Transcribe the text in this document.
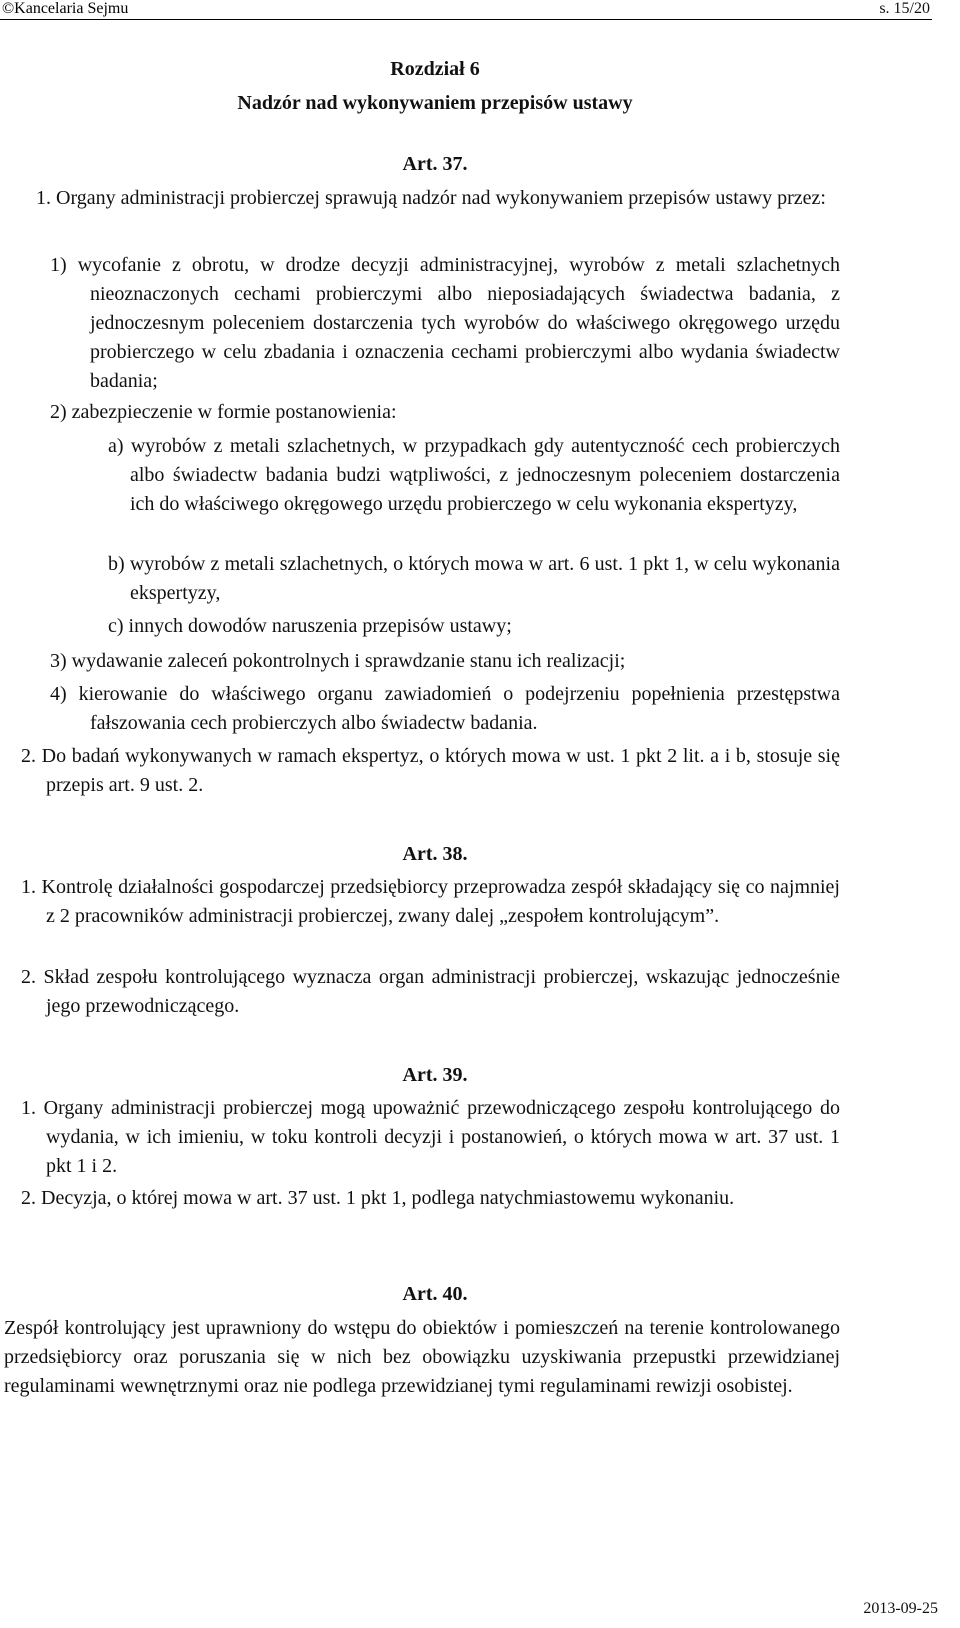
©Kancelaria Sejmu	s. 15/20
Rozdział 6
Nadzór nad wykonywaniem przepisów ustawy
Art. 37.
1. Organy administracji probierczej sprawują nadzór nad wykonywaniem przepisów ustawy przez:
1) wycofanie z obrotu, w drodze decyzji administracyjnej, wyrobów z metali szlachetnych nieoznaczonych cechami probierczymi albo nieposiadających świadectwa badania, z jednoczesnym poleceniem dostarczenia tych wyrobów do właściwego okręgowego urzędu probierczego w celu zbadania i oznaczenia cechami probierczymi albo wydania świadectw badania;
2) zabezpieczenie w formie postanowienia:
a) wyrobów z metali szlachetnych, w przypadkach gdy autentyczność cech probierczych albo świadectw badania budzi wątpliwości, z jednoczesnym poleceniem dostarczenia ich do właściwego okręgowego urzędu probierczego w celu wykonania ekspertyzy,
b) wyrobów z metali szlachetnych, o których mowa w art. 6 ust. 1 pkt 1, w celu wykonania ekspertyzy,
c) innych dowodów naruszenia przepisów ustawy;
3) wydawanie zaleceń pokontrolnych i sprawdzanie stanu ich realizacji;
4) kierowanie do właściwego organu zawiadomień o podejrzeniu popełnienia przestępstwa fałszowania cech probierczych albo świadectw badania.
2. Do badań wykonywanych w ramach ekspertyz, o których mowa w ust. 1 pkt 2 lit. a i b, stosuje się przepis art. 9 ust. 2.
Art. 38.
1. Kontrolę działalności gospodarczej przedsiębiorcy przeprowadza zespół składający się co najmniej z 2 pracowników administracji probierczej, zwany dalej „zespołem kontrolującym”.
2. Skład zespołu kontrolującego wyznacza organ administracji probierczej, wskazując jednocześnie jego przewodniczącego.
Art. 39.
1. Organy administracji probierczej mogą upoważnić przewodniczącego zespołu kontrolującego do wydania, w ich imieniu, w toku kontroli decyzji i postanowień, o których mowa w art. 37 ust. 1 pkt 1 i 2.
2. Decyzja, o której mowa w art. 37 ust. 1 pkt 1, podlega natychmiastowemu wykonaniu.
Art. 40.
Zespół kontrolujący jest uprawniony do wstępu do obiektów i pomieszczeń na terenie kontrolowanego przedsiębiorcy oraz poruszania się w nich bez obowiązku uzyskiwania przepustki przewidzianej regulaminami wewnętrznymi oraz nie podlega przewidzianej tymi regulaminami rewizji osobistej.
2013-09-25
